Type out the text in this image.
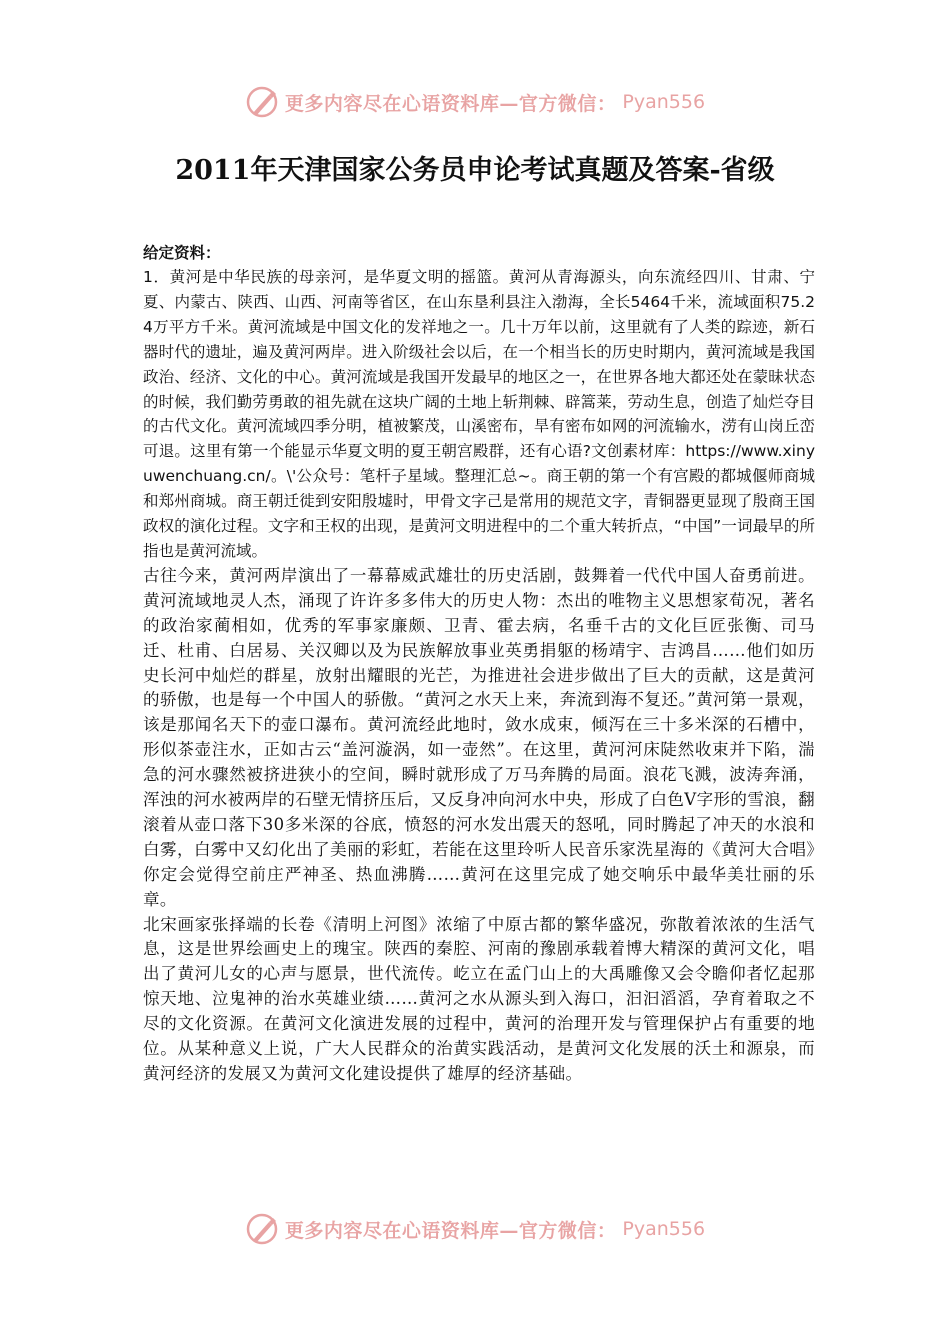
更多内容尽在心语资料库—官方微信： Pyan556
2011年天津国家公务员申论考试真题及答案-省级

给定资料：

1．黄河是中华民族的母亲河，是华夏文明的摇篮。黄河从青海源头，向东流经四川、甘肃、宁夏、内蒙古、陕西、山西、河南等省区，在山东垦利县注入渤海，全长5464千米，流域面积75.24万平方千米。黄河流域是中国文化的发祥地之一。几十万年以前，这里就有了人类的踪迹，新石器时代的遗址，遍及黄河两岸。进入阶级社会以后，在一个相当长的历史时期内，黄河流域是我国政治、经济、文化的中心。黄河流域是我国开发最早的地区之一，在世界各地大都还处在蒙昧状态的时候，我们勤劳勇敢的祖先就在这块广阔的土地上斩荆棘、辟篙莱，劳动生息，创造了灿烂夺目的古代文化。黄河流域四季分明，植被繁茂，山溪密布，旱有密布如网的河流输水，涝有山岗丘峦可退。这里有第一个能显示华夏文明的夏王朝宫殿群，还有心语?文创素材库：https://www.xinyuwenchuang.cn/。\'公众号：笔杆子星域。整理汇总~。商王朝的第一个有宫殿的都城偃师商城和郑州商城。商王朝迁徙到安阳殷墟时，甲骨文字己是常用的规范文字，青铜器更显现了殷商王国政权的演化过程。文字和王权的出现，是黄河文明进程中的二个重大转折点，“中国”一词最早的所指也是黄河流域。

古往今来，黄河两岸演出了一幕幕威武雄壮的历史活剧，鼓舞着一代代中国人奋勇前进。黄河流域地灵人杰，涌现了许许多多伟大的历史人物：杰出的唯物主义思想家荀况，著名的政治家蔺相如，优秀的军事家廉颇、卫青、霍去病，名垂千古的文化巨匠张衡、司马迁、杜甫、白居易、关汉卿以及为民族解放事业英勇捐躯的杨靖宇、吉鸿昌……他们如历史长河中灿烂的群星，放射出耀眼的光芒，为推进社会进步做出了巨大的贡献，这是黄河的骄傲，也是每一个中国人的骄傲。“黄河之水天上来，奔流到海不复还。”黄河第一景观，该是那闻名天下的壶口瀑布。黄河流经此地时，敛水成束，倾泻在三十多米深的石槽中，形似茶壶注水，正如古云“盖河漩涡，如一壶然”。在这里，黄河河床陡然收束并下陷，湍急的河水骤然被挤进狭小的空间，瞬时就形成了万马奔腾的局面。浪花飞溅，波涛奔涌，浑浊的河水被两岸的石壁无情挤压后，又反身冲向河水中央，形成了白色V字形的雪浪，翻滚着从壶口落下30多米深的谷底，愤怒的河水发出震天的怒吼，同时腾起了冲天的水浪和白雾，白雾中又幻化出了美丽的彩虹，若能在这里玲听人民音乐家洗星海的《黄河大合唱》你定会觉得空前庄严神圣、热血沸腾……黄河在这里完成了她交响乐中最华美壮丽的乐章。

北宋画家张择端的长卷《清明上河图》浓缩了中原古都的繁华盛况，弥散着浓浓的生活气息，这是世界绘画史上的瑰宝。陕西的秦腔、河南的豫剧承载着博大精深的黄河文化，唱出了黄河儿女的心声与愿景，世代流传。屹立在孟门山上的大禹雕像又会令瞻仰者忆起那惊天地、泣鬼神的治水英雄业绩……黄河之水从源头到入海口，汩汩滔滔，孕育着取之不尽的文化资源。在黄河文化演进发展的过程中，黄河的治理开发与管理保护占有重要的地位。从某种意义上说，广大人民群众的治黄实践活动，是黄河文化发展的沃土和源泉，而黄河经济的发展又为黄河文化建设提供了雄厚的经济基础。

更多内容尽在心语资料库—官方微信： Pyan556
